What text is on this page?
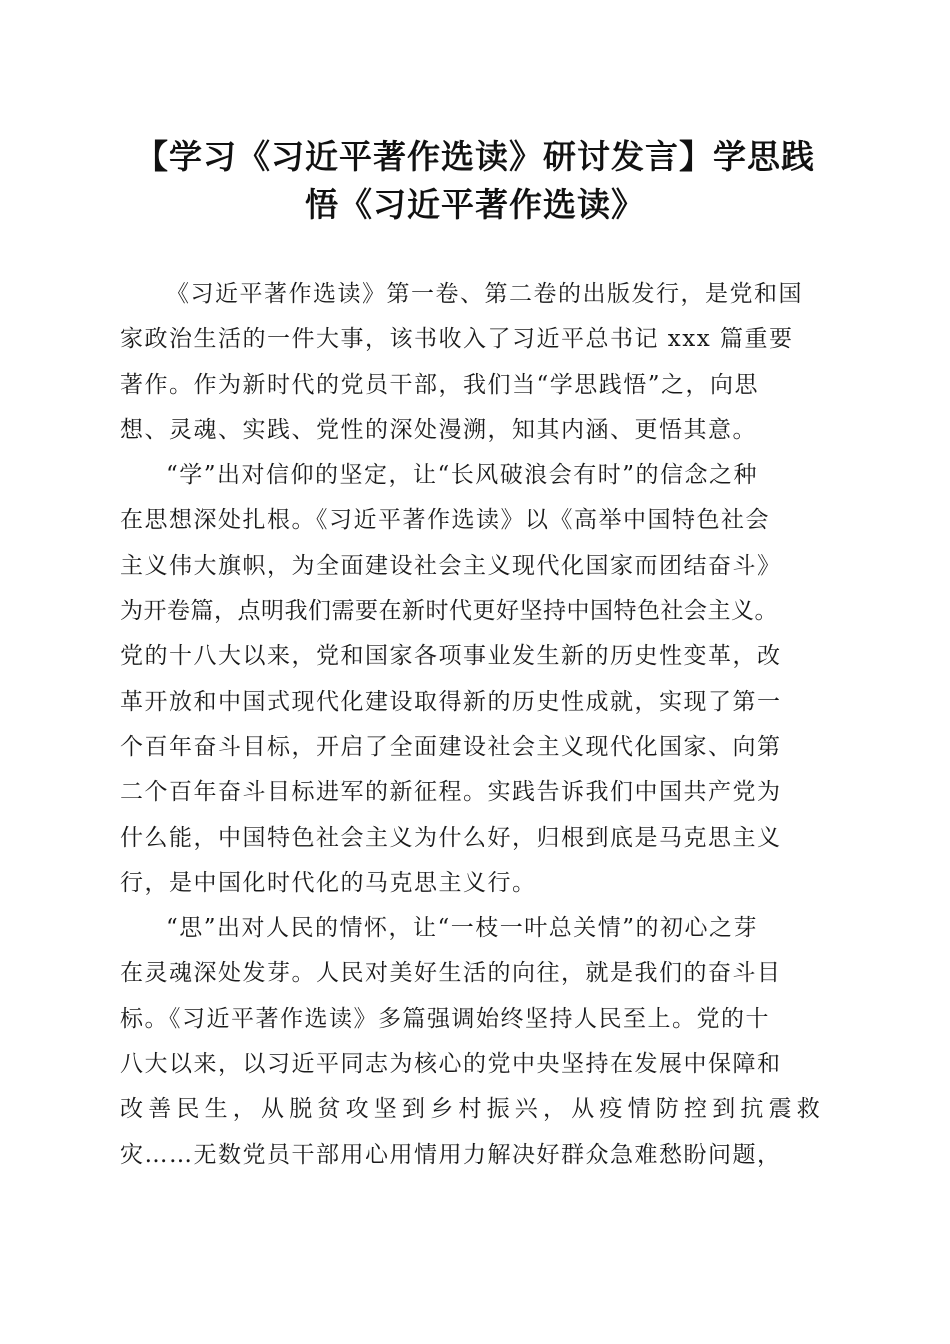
【学习《习近平著作选读》研讨发言】学思践
悟《习近平著作选读》
《习近平著作选读》第一卷、第二卷的出版发行，是党和国
家政治生活的一件大事，该书收入了习近平总书记 xxx 篇重要
著作。作为新时代的党员干部，我们当“学思践悟”之，向思
想、灵魂、实践、党性的深处漫溯，知其内涵、更悟其意。
“学”出对信仰的坚定，让“长风破浪会有时”的信念之种
在思想深处扎根。《习近平著作选读》以《高举中国特色社会
主义伟大旗帜，为全面建设社会主义现代化国家而团结奋斗》
为开卷篇，点明我们需要在新时代更好坚持中国特色社会主义。
党的十八大以来，党和国家各项事业发生新的历史性变革，改
革开放和中国式现代化建设取得新的历史性成就，实现了第一
个百年奋斗目标，开启了全面建设社会主义现代化国家、向第
二个百年奋斗目标进军的新征程。实践告诉我们中国共产党为
什么能，中国特色社会主义为什么好，归根到底是马克思主义
行，是中国化时代化的马克思主义行。
“思”出对人民的情怀，让“一枝一叶总关情”的初心之芽
在灵魂深处发芽。人民对美好生活的向往，就是我们的奋斗目
标。《习近平著作选读》多篇强调始终坚持人民至上。党的十
八大以来，以习近平同志为核心的党中央坚持在发展中保障和
改善民生，从脱贫攻坚到乡村振兴，从疫情防控到抗震救
灾……无数党员干部用心用情用力解决好群众急难愁盼问题，
